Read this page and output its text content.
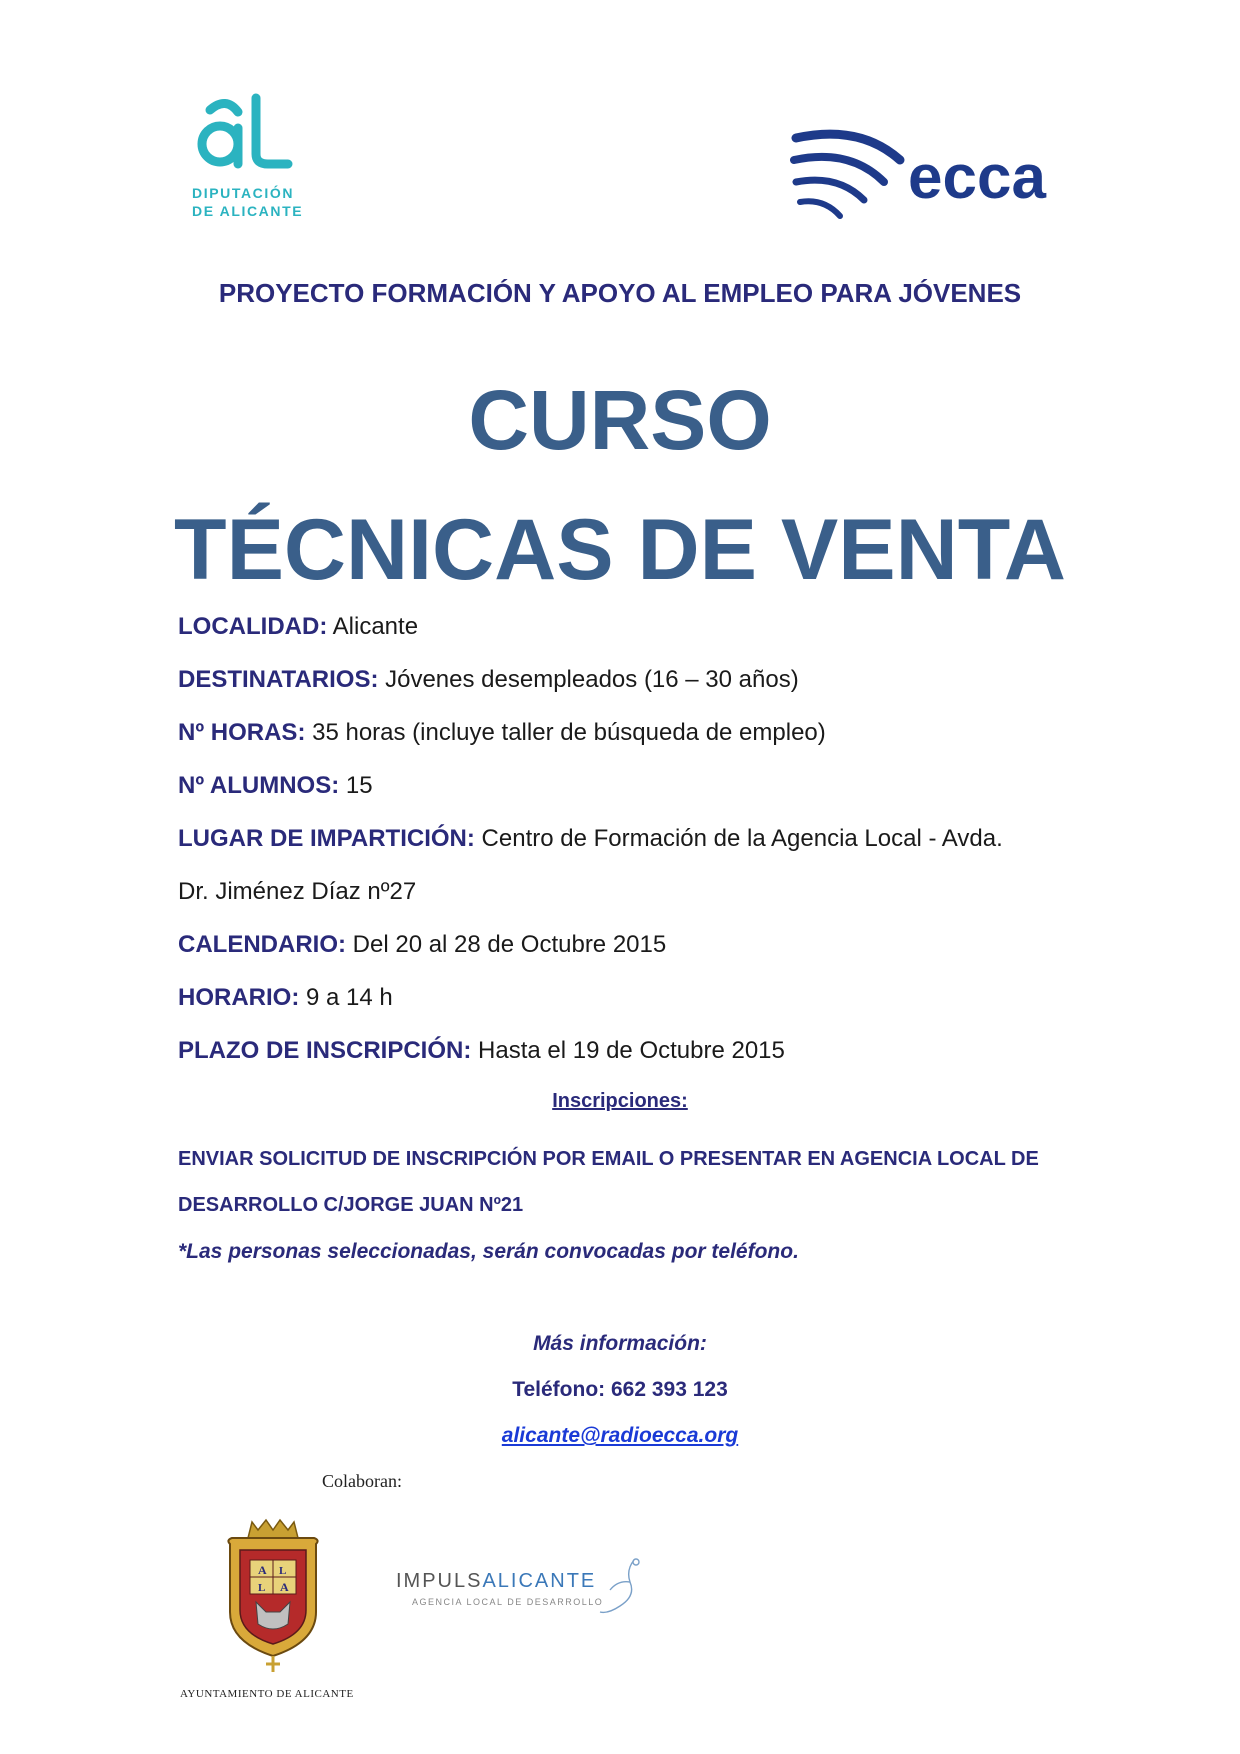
DIPUTACIÓN
DE ALICANTE	ecca
PROYECTO FORMACIÓN Y APOYO AL EMPLEO PARA JÓVENES
CURSO
TÉCNICAS DE VENTA
LOCALIDAD: Alicante
DESTINATARIOS: Jóvenes desempleados (16 – 30 años)
Nº HORAS: 35 horas (incluye taller de búsqueda de empleo)
Nº ALUMNOS: 15
LUGAR DE IMPARTICIÓN: Centro de Formación de la Agencia Local - Avda.
Dr. Jiménez Díaz nº27
CALENDARIO: Del 20 al 28 de Octubre 2015
HORARIO: 9 a 14 h
PLAZO DE INSCRIPCIÓN: Hasta el 19 de Octubre 2015
Inscripciones:
ENVIAR SOLICITUD DE INSCRIPCIÓN POR EMAIL O PRESENTAR EN AGENCIA LOCAL DE
DESARROLLO C/JORGE JUAN Nº21
*Las personas seleccionadas, serán convocadas por teléfono.
Más información:
Teléfono: 662 393 123
alicante@radioecca.org
Colaboran:
A
A
L
L
AYUNTAMIENTO DE ALICANTE
IMPULSALICANTE
AGENCIA LOCAL DE DESARROLLO
